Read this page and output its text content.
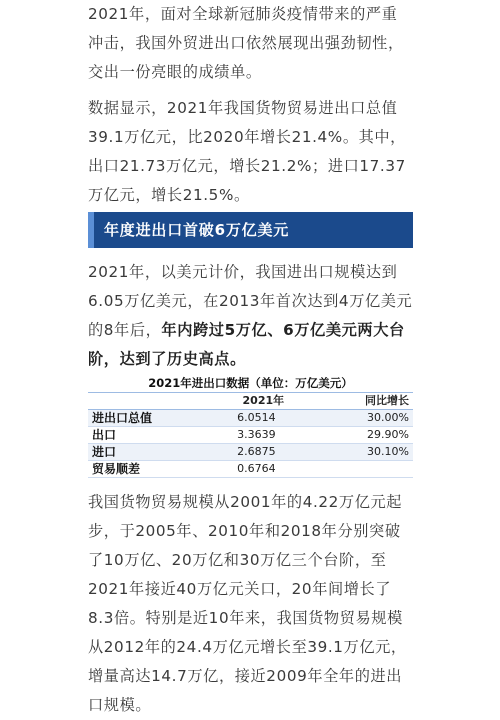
2021年，面对全球新冠肺炎疫情带来的严重冲击，我国外贸进出口依然展现出强劲韧性，交出一份亮眼的成绩单。

数据显示，2021年我国货物贸易进出口总值39.1万亿元，比2020年增长21.4%。其中，出口21.73万亿元，增长21.2%；进口17.37万亿元，增长21.5%。

年度进出口首破6万亿美元

2021年，以美元计价，我国进出口规模达到6.05万亿美元，在2013年首次达到4万亿美元的8年后，年内跨过5万亿、6万亿美元两大台阶，达到了历史高点。

2021年进出口数据（单位：万亿美元）
	2021年	同比增长
进出口总值	6.0514	30.00%
出口	3.3639	29.90%
进口	2.6875	30.10%
贸易顺差	0.6764	

我国货物贸易规模从2001年的4.22万亿元起步，于2005年、2010年和2018年分别突破了10万亿、20万亿和30万亿三个台阶，至2021年接近40万亿元关口，20年间增长了8.3倍。特别是近10年来，我国货物贸易规模从2012年的24.4万亿元增长至39.1万亿元，增量高达14.7万亿，接近2009年全年的进出口规模。
